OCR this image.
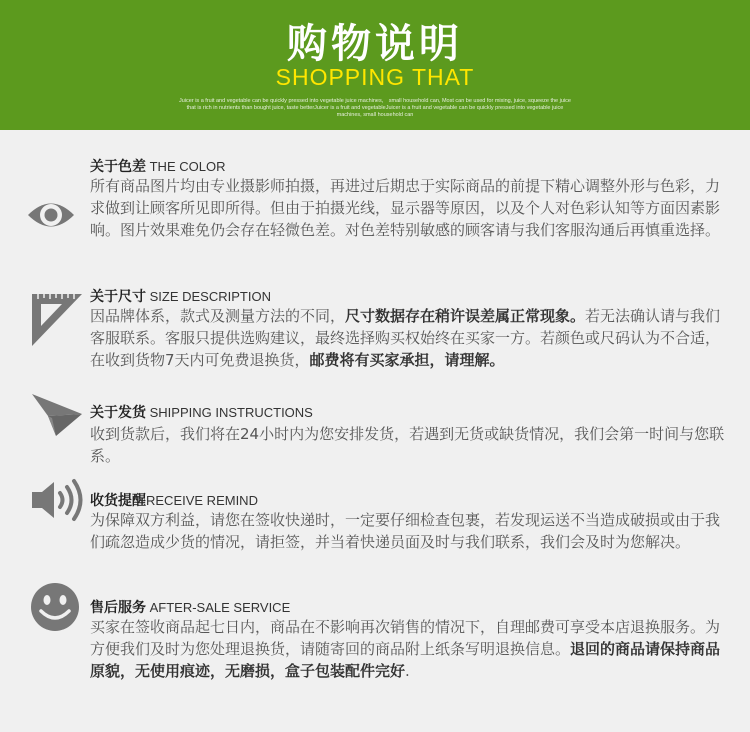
购物说明
SHOPPING THAT
Juicer is a fruit and vegetable can be quickly pressed into vegetable juice machines， small household can, Most can be used for mixing, juice, squeeze the juice that is rich in nutrients than bought juice, taste betterJuicer is a fruit and vegetableJuicer is a fruit and vegetable can be quickly pressed into vegetable juice machines, small household can
关于色差 THE COLOR
所有商品图片均由专业摄影师拍摄，再进过后期忠于实际商品的前提下精心调整外形与色彩，力求做到让顾客所见即所得。但由于拍摄光线，显示器等原因，以及个人对色彩认知等方面因素影响。图片效果难免仍会存在轻微色差。对色差特别敏感的顾客请与我们客服沟通后再慎重选择。
关于尺寸 SIZE DESCRIPTION
因品牌体系，款式及测量方法的不同，尺寸数据存在稍许误差属正常现象。若无法确认请与我们客服联系。客服只提供选购建议，最终选择购买权始终在买家一方。若颜色或尺码认为不合适，在收到货物7天内可免费退换货，邮费将有买家承担，请理解。
关于发货 SHIPPING INSTRUCTIONS
收到货款后，我们将在24小时内为您安排发货，若遇到无货或缺货情况，我们会第一时间与您联系。
收货提醒RECEIVE REMIND
为保障双方利益，请您在签收快递时，一定要仔细检查包裹，若发现运送不当造成破损或由于我们疏忽造成少货的情况，请拒签，并当着快递员面及时与我们联系，我们会及时为您解决。
售后服务 AFTER-SALE SERVICE
买家在签收商品起七日内，商品在不影响再次销售的情况下，自理邮费可享受本店退换服务。为方便我们及时为您处理退换货，请随寄回的商品附上纸条写明退换信息。退回的商品请保持商品原貌，无使用痕迹，无磨损，盒子包装配件完好.
